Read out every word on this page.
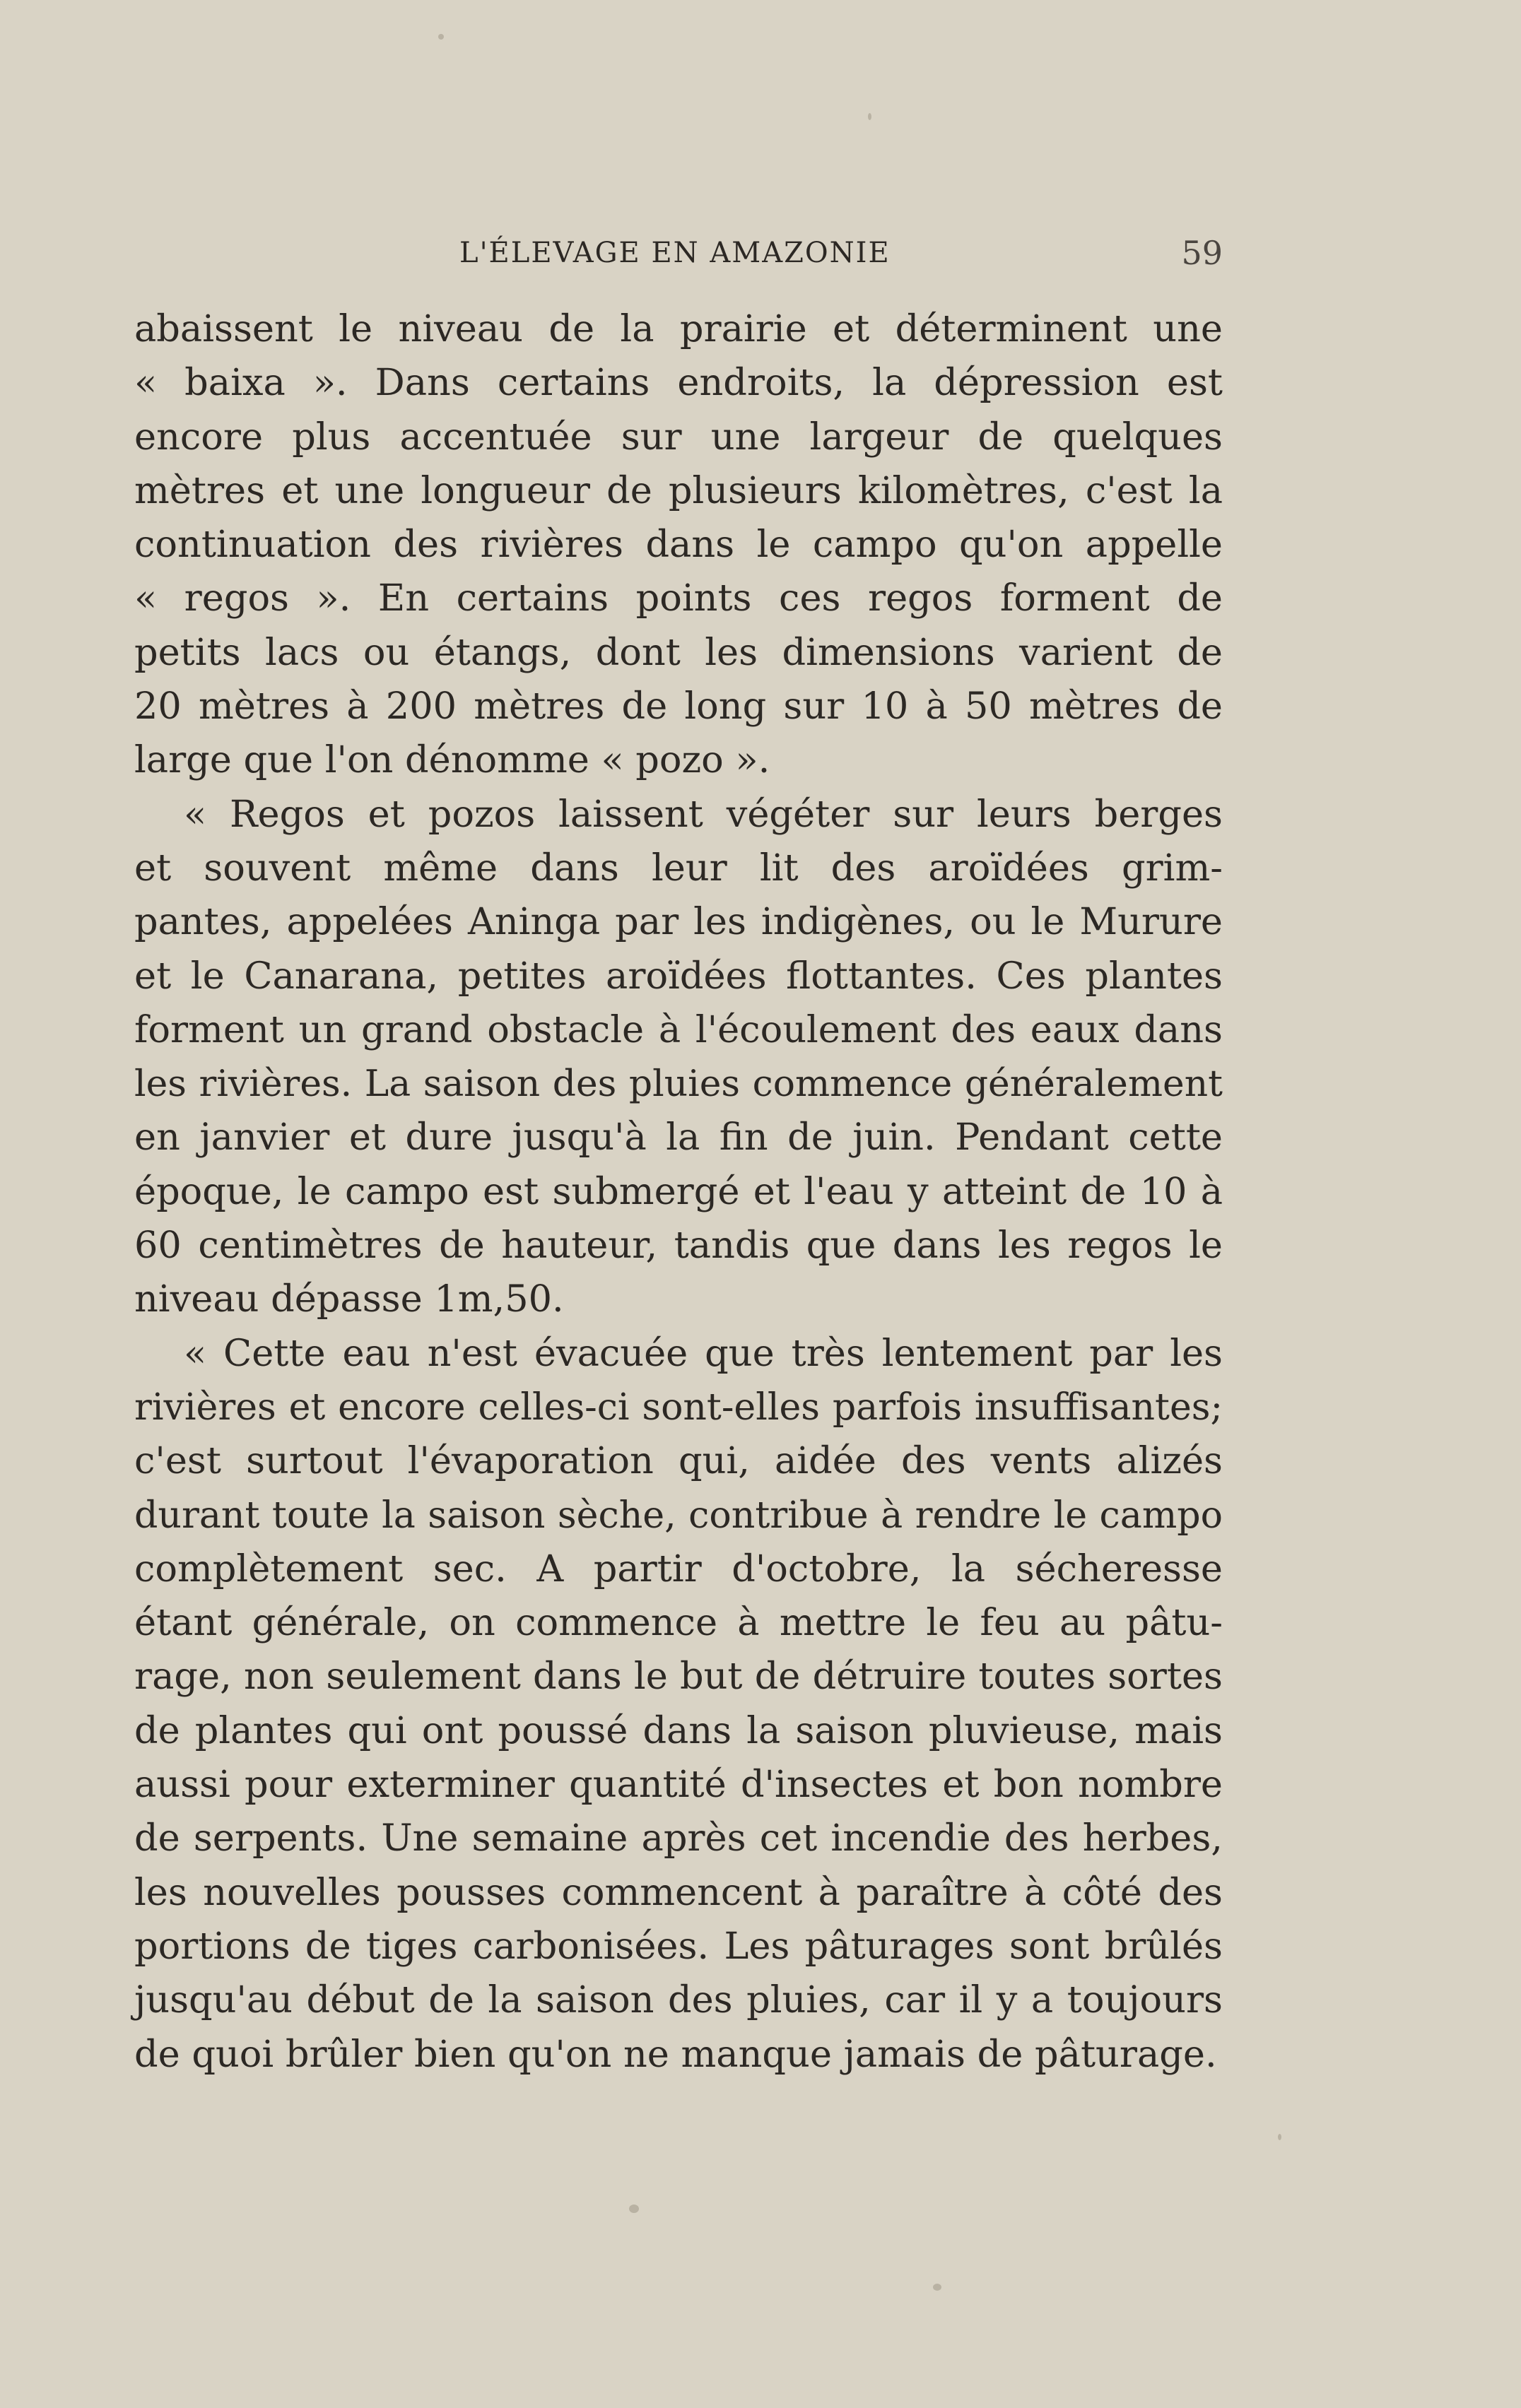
L'ÉLEVAGE EN AMAZONIE	59

abaissent le niveau de la prairie et déterminent une
« baixa ». Dans certains endroits, la dépression est
encore plus accentuée sur une largeur de quelques
mètres et une longueur de plusieurs kilomètres, c'est la
continuation des rivières dans le campo qu'on appelle
« regos ». En certains points ces regos forment de
petits lacs ou étangs, dont les dimensions varient de
20 mètres à 200 mètres de long sur 10 à 50 mètres de
large que l'on dénomme « pozo ».

« Regos et pozos laissent végéter sur leurs berges
et souvent même dans leur lit des aroïdées grim-
pantes, appelées Aninga par les indigènes, ou le Murure
et le Canarana, petites aroïdées flottantes. Ces plantes
forment un grand obstacle à l'écoulement des eaux dans
les rivières. La saison des pluies commence généralement
en janvier et dure jusqu'à la fin de juin. Pendant cette
époque, le campo est submergé et l'eau y atteint de 10 à
60 centimètres de hauteur, tandis que dans les regos le
niveau dépasse 1m,50.

« Cette eau n'est évacuée que très lentement par les
rivières et encore celles-ci sont-elles parfois insuffisantes;
c'est surtout l'évaporation qui, aidée des vents alizés
durant toute la saison sèche, contribue à rendre le campo
complètement sec. A partir d'octobre, la sécheresse
étant générale, on commence à mettre le feu au pâtu-
rage, non seulement dans le but de détruire toutes sortes
de plantes qui ont poussé dans la saison pluvieuse, mais
aussi pour exterminer quantité d'insectes et bon nombre
de serpents. Une semaine après cet incendie des herbes,
les nouvelles pousses commencent à paraître à côté des
portions de tiges carbonisées. Les pâturages sont brûlés
jusqu'au début de la saison des pluies, car il y a toujours
de quoi brûler bien qu'on ne manque jamais de pâturage.
